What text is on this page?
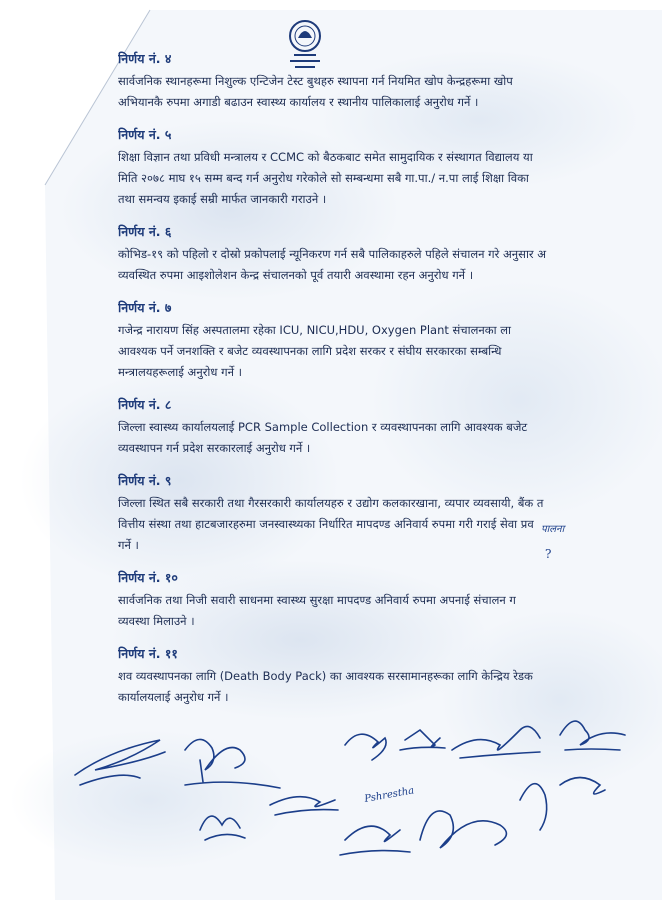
निर्णय नं. ४
सार्वजनिक स्थानहरूमा निशुल्क एन्टिजेन टेस्ट बुथहरु स्थापना गर्न नियमित खोप केन्द्रहरूमा खोप
अभियानकै रुपमा अगाडी बढाउन स्वास्थ्य कार्यालय र स्थानीय पालिकालाई अनुरोध गर्ने ।
निर्णय नं. ५
शिक्षा विज्ञान तथा प्रविधी मन्त्रालय र CCMC को बैठकबाट समेत सामुदायिक र संस्थागत विद्यालय या
मिति २०७८ माघ १५ सम्म बन्द गर्न अनुरोध गरेकोले सो सम्बन्धमा सबै गा.पा./ न.पा लाई शिक्षा विका
तथा समन्वय इकाई सम्री मार्फत जानकारी गराउने ।
निर्णय नं. ६
कोभिड-१९ को पहिलो र दोस्रो प्रकोपलाई न्यूनिकरण गर्न सबै पालिकाहरुले पहिले संचालन गरे अनुसार अ
व्यवस्थित रुपमा आइशोलेशन केन्द्र संचालनको पूर्व तयारी अवस्थामा रहन अनुरोध गर्ने ।
निर्णय नं. ७
गजेन्द्र नारायण सिंह अस्पतालमा रहेका ICU, NICU,HDU, Oxygen Plant संचालनका ला
आवश्यक पर्ने जनशक्ति र बजेट व्यवस्थापनका लागि प्रदेश सरकर र संघीय सरकारका सम्बन्धि
मन्त्रालयहरूलाई अनुरोध गर्ने ।
निर्णय नं. ८
जिल्ला स्वास्थ्य कार्यालयलाई PCR Sample Collection र व्यवस्थापनका लागि आवश्यक बजेट
व्यवस्थापन गर्न प्रदेश सरकारलाई अनुरोध गर्ने ।
निर्णय नं. ९
जिल्ला स्थित सबै सरकारी तथा गैरसरकारी कार्यालयहरु र उद्योग कलकारखाना, व्यपार व्यवसायी, बैंक त
वित्तीय संस्था तथा हाटबजारहरुमा जनस्वास्थ्यका निर्धारित मापदण्ड अनिवार्य रुपमा गरी गराई सेवा प्रव
गर्ने ।
निर्णय नं. १०
सार्वजनिक तथा निजी सवारी साधनमा स्वास्थ्य सुरक्षा मापदण्ड अनिवार्य रुपमा अपनाई संचालन ग
व्यवस्था मिलाउने ।
निर्णय नं. ११
शव व्यवस्थापनका लागि (Death Body Pack) का आवश्यक सरसामानहरूका लागि केन्द्रिय रेडक
कार्यालयलाई अनुरोध गर्ने ।
पालना
?
Pshrestha
